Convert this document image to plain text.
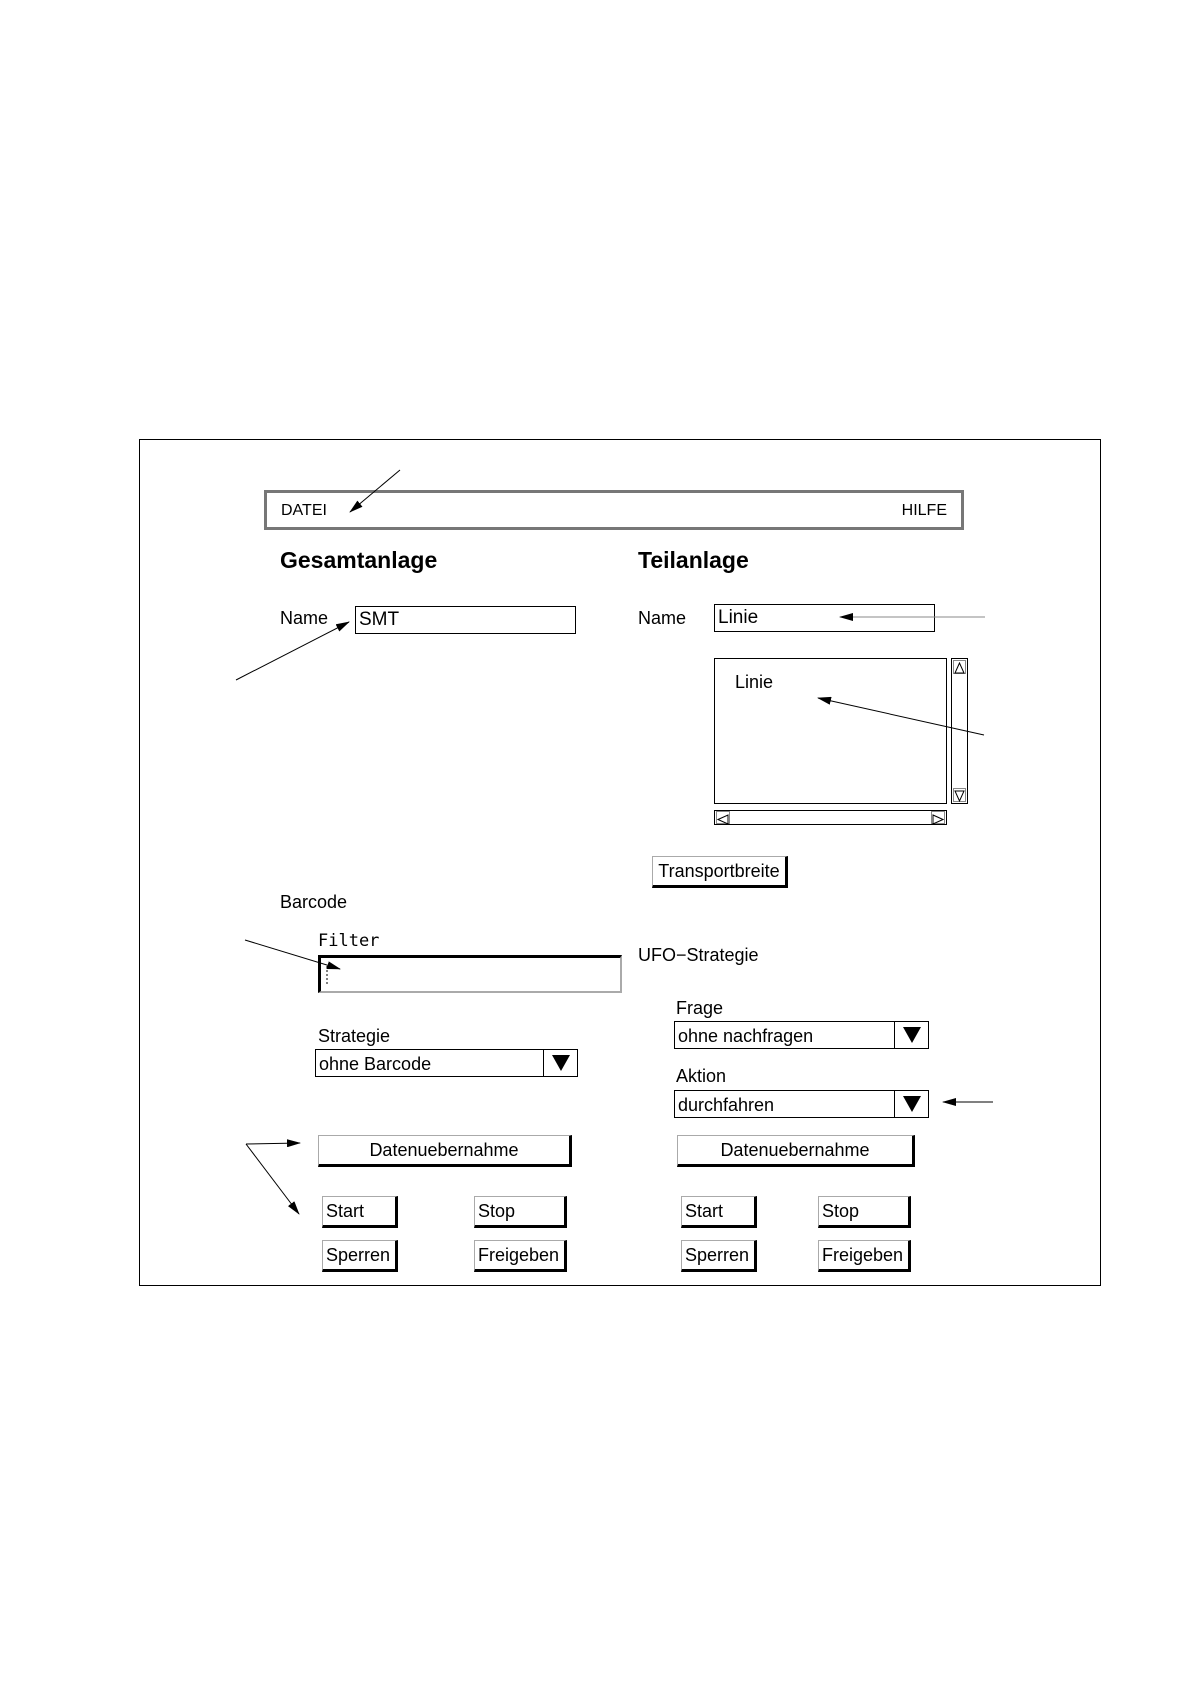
DATEI	HILFE
Gesamtanlage	Teilanlage
Name SMT	Name Linie
Linie
Transportbreite
Barcode
Filter
UFO−Strategie
Frage
ohne nachfragen
Strategie
ohne Barcode
Aktion
durchfahren
Datenuebernahme	Datenuebernahme
Start	Stop
Sperren	Freigeben
Start	Stop
Sperren	Freigeben
